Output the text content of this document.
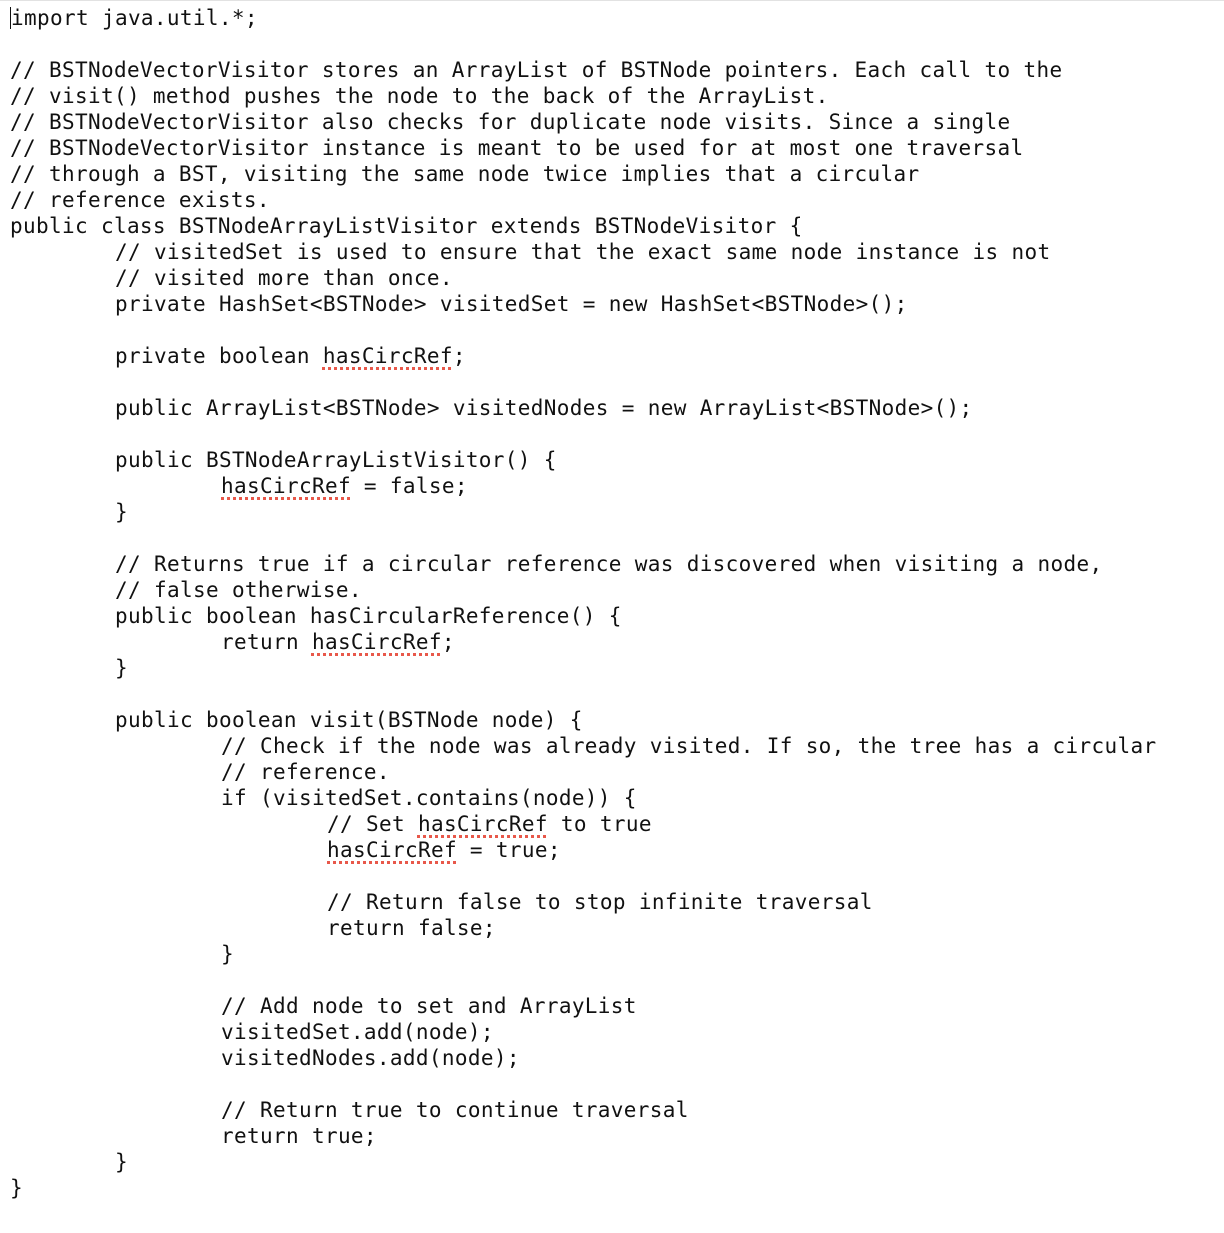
import java.util.*;
// BSTNodeVectorVisitor stores an ArrayList of BSTNode pointers. Each call to the
// visit() method pushes the node to the back of the ArrayList.
// BSTNodeVectorVisitor also checks for duplicate node visits. Since a single
// BSTNodeVectorVisitor instance is meant to be used for at most one traversal
// through a BST, visiting the same node twice implies that a circular
// reference exists.
public class BSTNodeArrayListVisitor extends BSTNodeVisitor {
// visitedSet is used to ensure that the exact same node instance is not
// visited more than once.
private HashSet<BSTNode> visitedSet = new HashSet<BSTNode>();
private boolean hasCircRef;
public ArrayList<BSTNode> visitedNodes = new ArrayList<BSTNode>();
public BSTNodeArrayListVisitor() {
hasCircRef = false;
}
// Returns true if a circular reference was discovered when visiting a node,
// false otherwise.
public boolean hasCircularReference() {
return hasCircRef;
}
public boolean visit(BSTNode node) {
// Check if the node was already visited. If so, the tree has a circular
// reference.
if (visitedSet.contains(node)) {
// Set hasCircRef to true
hasCircRef = true;
// Return false to stop infinite traversal
return false;
}
// Add node to set and ArrayList
visitedSet.add(node);
visitedNodes.add(node);
// Return true to continue traversal
return true;
}
}
